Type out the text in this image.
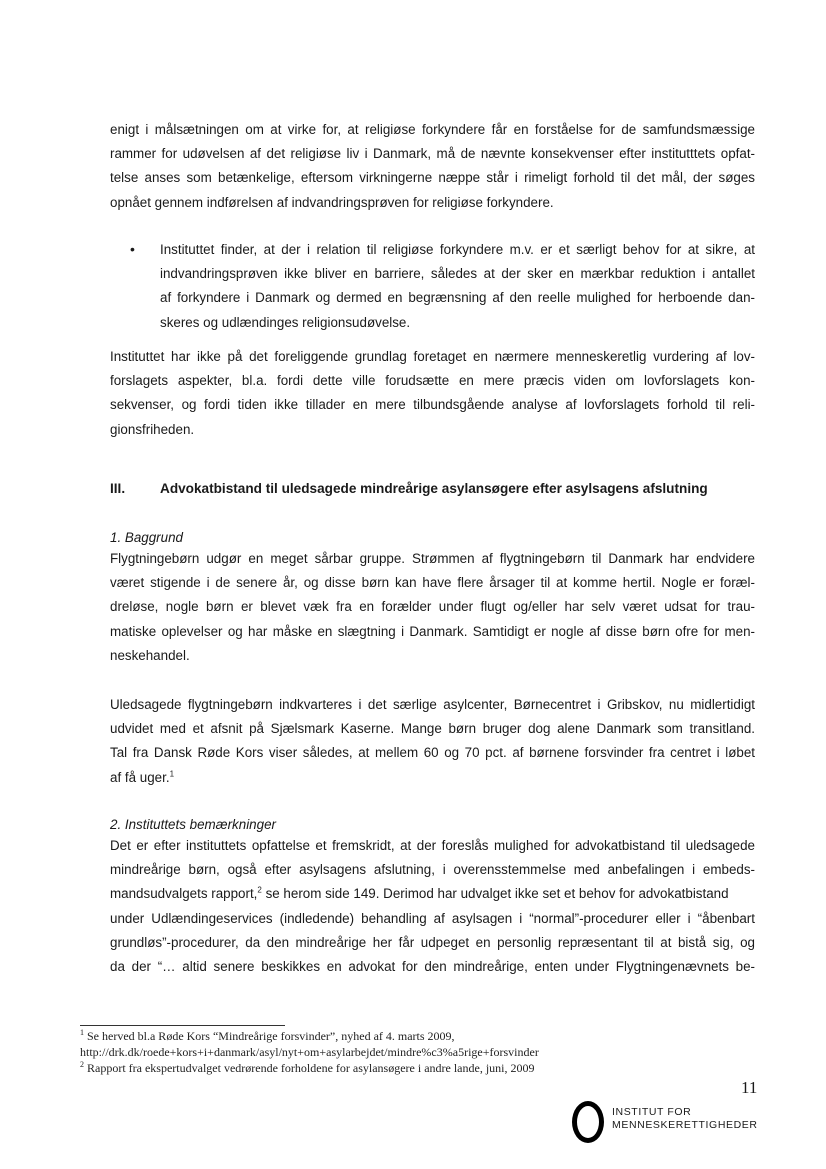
enigt i målsætningen om at virke for, at religiøse forkyndere får en forståelse for de samfundsmæssige
rammer for udøvelsen af det religiøse liv i Danmark, må de nævnte konsekvenser efter institutttets opfat-
telse anses som betænkelige, eftersom virkningerne næppe står i rimeligt forhold til det mål, der søges
opnået gennem indførelsen af indvandringsprøven for religiøse forkyndere.
• Instituttet finder, at der i relation til religiøse forkyndere m.v. er et særligt behov for at sikre, at
indvandringsprøven ikke bliver en barriere, således at der sker en mærkbar reduktion i antallet
af forkyndere i Danmark og dermed en begrænsning af den reelle mulighed for herboende dan-
skeres og udlændinges religionsudøvelse.
Instituttet har ikke på det foreliggende grundlag foretaget en nærmere menneskeretlig vurdering af lov-
forslagets aspekter, bl.a. fordi dette ville forudsætte en mere præcis viden om lovforslagets kon-
sekvenser, og fordi tiden ikke tillader en mere tilbundsgående analyse af lovforslagets forhold til reli-
gionsfriheden.
III.	Advokatbistand til uledsagede mindreårige asylansøgere efter asylsagens afslutning
1. Baggrund
Flygtningebørn udgør en meget sårbar gruppe. Strømmen af flygtningebørn til Danmark har endvidere
været stigende i de senere år, og disse børn kan have flere årsager til at komme hertil. Nogle er foræl-
dreløse, nogle børn er blevet væk fra en forælder under flugt og/eller har selv været udsat for trau-
matiske oplevelser og har måske en slægtning i Danmark. Samtidigt er nogle af disse børn ofre for men-
neskehandel.
Uledsagede flygtningebørn indkvarteres i det særlige asylcenter, Børnecentret i Gribskov, nu midlertidigt
udvidet med et afsnit på Sjælsmark Kaserne. Mange børn bruger dog alene Danmark som transitland.
Tal fra Dansk Røde Kors viser således, at mellem 60 og 70 pct. af børnene forsvinder fra centret i løbet
af få uger.$^1$
2. Instituttets bemærkninger
Det er efter instituttets opfattelse et fremskridt, at der foreslås mulighed for advokatbistand til uledsagede
mindreårige børn, også efter asylsagens afslutning, i overensstemmelse med anbefalingen i embeds-
mandsudvalgets rapport,$^2$ se herom side 149. Derimod har udvalget ikke set et behov for advokatbistand
under Udlændingeservices (indledende) behandling af asylsagen i “normal”-procedurer eller i “åbenbart
grundløs”-procedurer, da den mindreårige her får udpeget en personlig repræsentant til at bistå sig, og
da der “… altid senere beskikkes en advokat for den mindreårige, enten under Flygtningenævnets be-
$^1$ Se herved bl.a Røde Kors “Mindreårige forsvinder”, nyhed af 4. marts 2009,
http://drk.dk/roede+kors+i+danmark/asyl/nyt+om+asylarbejdet/mindre%c3%a5rige+forsvinder
$^2$ Rapport fra ekspertudvalget vedrørende forholdene for asylansøgere i andre lande, juni, 2009
11
INSTITUT FOR
MENNESKERETTIGHEDER
